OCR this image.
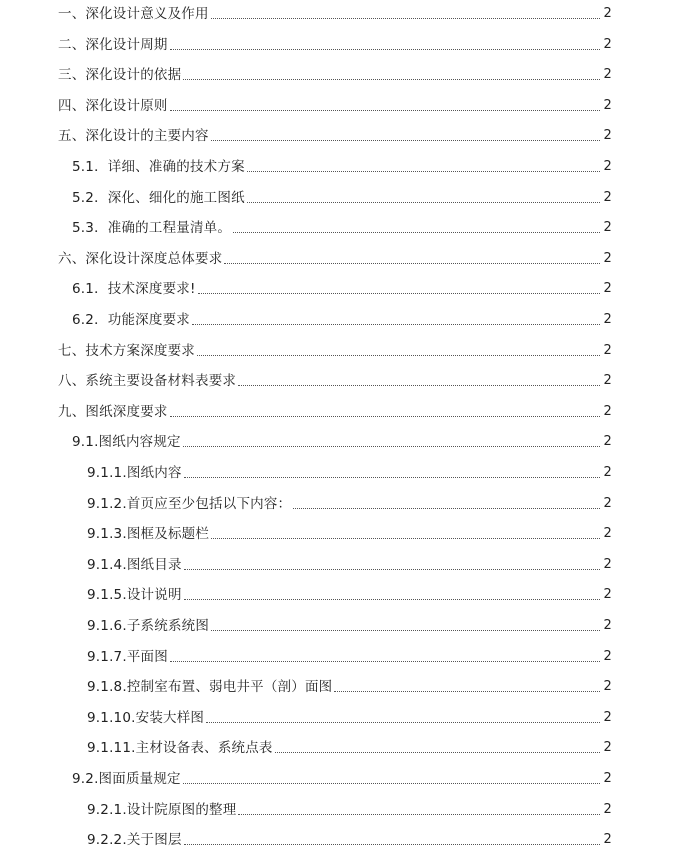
一、深化设计意义及作用	2
二、深化设计周期	2
三、深化设计的依据	2
四、深化设计原则	2
五、深化设计的主要内容	2
5.1．详细、准确的技术方案	2
5.2．深化、细化的施工图纸	2
5.3．准确的工程量清单。	2
六、深化设计深度总体要求	2
6.1．技术深度要求!	2
6.2．功能深度要求	2
七、技术方案深度要求	2
八、系统主要设备材料表要求	2
九、图纸深度要求	2
9.1.图纸内容规定	2
9.1.1.图纸内容	2
9.1.2.首页应至少包括以下内容：	2
9.1.3.图框及标题栏	2
9.1.4.图纸目录	2
9.1.5.设计说明	2
9.1.6.子系统系统图	2
9.1.7.平面图	2
9.1.8.控制室布置、弱电井平（剖）面图	2
9.1.10.安装大样图	2
9.1.11.主材设备表、系统点表	2
9.2.图面质量规定	2
9.2.1.设计院原图的整理	2
9.2.2.关于图层	2
